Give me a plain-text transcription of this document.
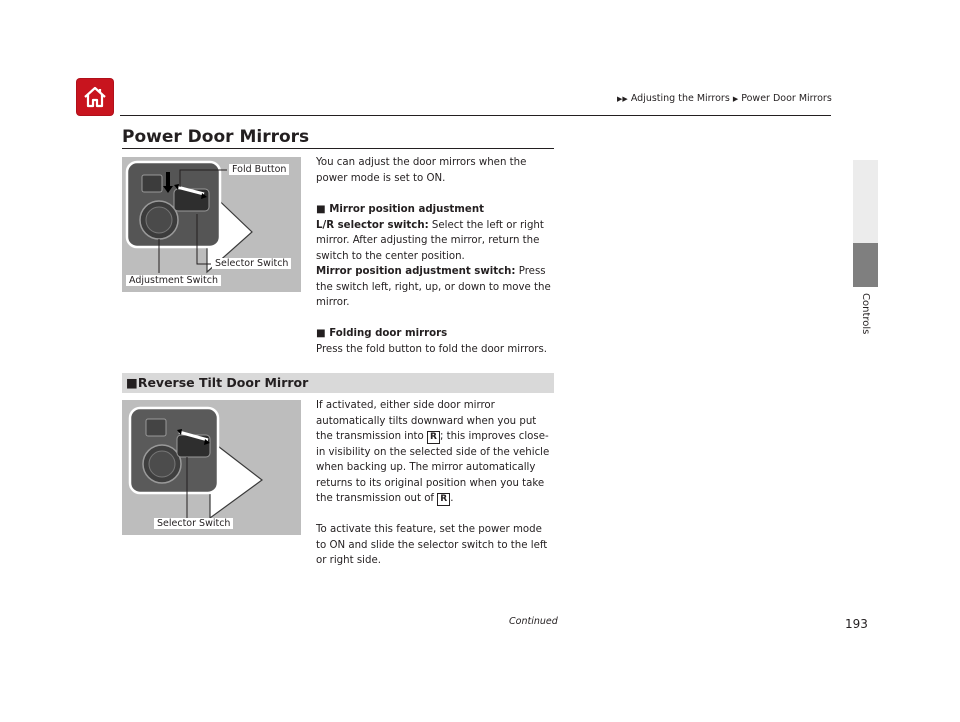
▶▶ Adjusting the Mirrors ▶ Power Door Mirrors
Controls
Power Door Mirrors
Fold Button
Selector Switch
Adjustment Switch
You can adjust the door mirrors when the power mode is set to ON.
■ Mirror position adjustment
L/R selector switch: Select the left or right mirror. After adjusting the mirror, return the switch to the center position.
Mirror position adjustment switch: Press the switch left, right, up, or down to move the mirror.
■ Folding door mirrors
Press the fold button to fold the door mirrors.
■Reverse Tilt Door Mirror
Selector Switch
If activated, either side door mirror automatically tilts downward when you put the transmission into R ; this improves close-in visibility on the selected side of the vehicle when backing up. The mirror automatically returns to its original position when you take the transmission out of R .
To activate this feature, set the power mode to ON and slide the selector switch to the left or right side.
Continued	193
